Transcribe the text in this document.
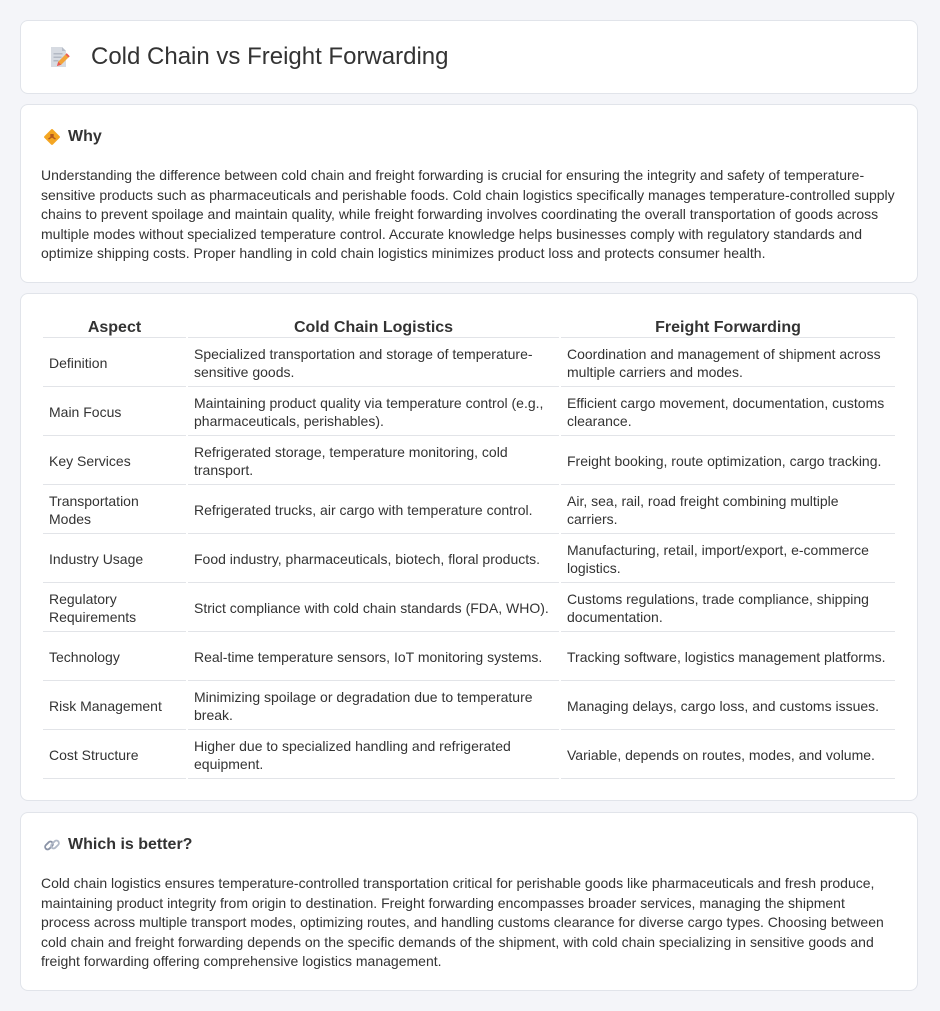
Cold Chain vs Freight Forwarding
Why

Understanding the difference between cold chain and freight forwarding is crucial for ensuring the integrity and safety of temperature-sensitive products such as pharmaceuticals and perishable foods. Cold chain logistics specifically manages temperature-controlled supply chains to prevent spoilage and maintain quality, while freight forwarding involves coordinating the overall transportation of goods across multiple modes without specialized temperature control. Accurate knowledge helps businesses comply with regulatory standards and optimize shipping costs. Proper handling in cold chain logistics minimizes product loss and protects consumer health.

Aspect	Cold Chain Logistics	Freight Forwarding
Definition	Specialized transportation and storage of temperature-sensitive goods.	Coordination and management of shipment across multiple carriers and modes.
Main Focus	Maintaining product quality via temperature control (e.g., pharmaceuticals, perishables).	Efficient cargo movement, documentation, customs clearance.
Key Services	Refrigerated storage, temperature monitoring, cold transport.	Freight booking, route optimization, cargo tracking.
Transportation Modes	Refrigerated trucks, air cargo with temperature control.	Air, sea, rail, road freight combining multiple carriers.
Industry Usage	Food industry, pharmaceuticals, biotech, floral products.	Manufacturing, retail, import/export, e-commerce logistics.
Regulatory Requirements	Strict compliance with cold chain standards (FDA, WHO).	Customs regulations, trade compliance, shipping documentation.
Technology	Real-time temperature sensors, IoT monitoring systems.	Tracking software, logistics management platforms.
Risk Management	Minimizing spoilage or degradation due to temperature break.	Managing delays, cargo loss, and customs issues.
Cost Structure	Higher due to specialized handling and refrigerated equipment.	Variable, depends on routes, modes, and volume.
Which is better?

Cold chain logistics ensures temperature-controlled transportation critical for perishable goods like pharmaceuticals and fresh produce, maintaining product integrity from origin to destination. Freight forwarding encompasses broader services, managing the shipment process across multiple transport modes, optimizing routes, and handling customs clearance for diverse cargo types. Choosing between cold chain and freight forwarding depends on the specific demands of the shipment, with cold chain specializing in sensitive goods and freight forwarding offering comprehensive logistics management.
